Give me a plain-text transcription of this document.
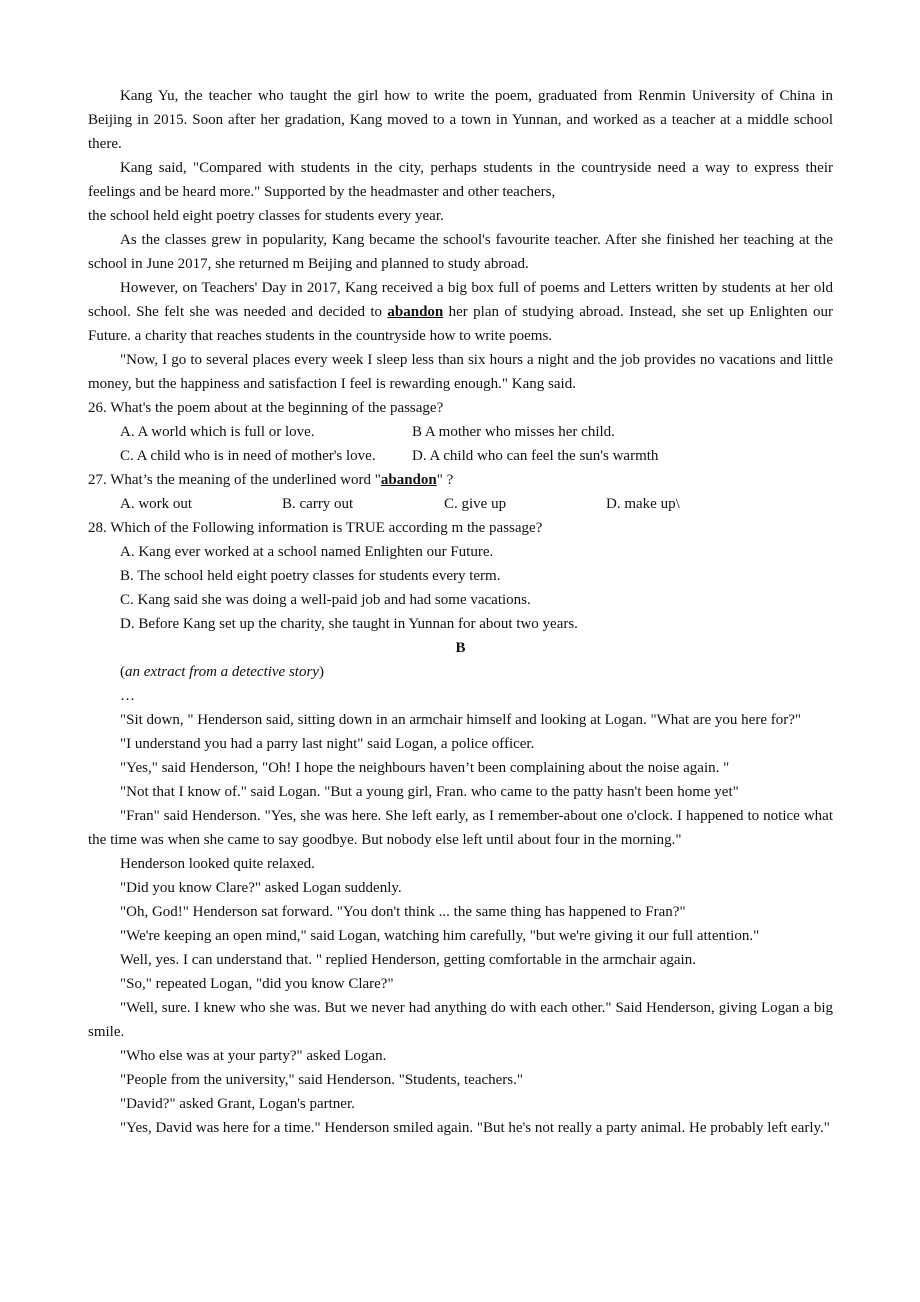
Kang Yu, the teacher who taught the girl how to write the poem, graduated from Renmin University of China in Beijing in 2015. Soon after her gradation, Kang moved to a town in Yunnan, and worked as a teacher at a middle school there.

Kang said, "Compared with students in the city, perhaps students in the countryside need a way to express their feelings and be heard more." Supported by the headmaster and other teachers,

the school held eight poetry classes for students every year.

As the classes grew in popularity, Kang became the school's favourite teacher. After she finished her teaching at the school in June 2017, she returned m Beijing and planned to study abroad.

However, on Teachers' Day in 2017, Kang received a big box full of poems and Letters written by students at her old school. She felt she was needed and decided to abandon her plan of studying abroad. Instead, she set up Enlighten our Future. a charity that reaches students in the countryside how to write poems.

"Now, I go to several places every week I sleep less than six hours a night and the job provides no vacations and little money, but the happiness and satisfaction I feel is rewarding enough." Kang said.

26. What's the poem about at the beginning of the passage?

A. A world which is full or love.	B A mother who misses her child.
C. A child who is in need of mother's love.	D. A child who can feel the sun's warmth

27. What’s the meaning of the underlined word "abandon" ?

A. work out	B. carry out	C. give up	D. make up\

28. Which of the Following information is TRUE according m the passage?

A. Kang ever worked at a school named Enlighten our Future.

B. The school held eight poetry classes for students every term.

C. Kang said she was doing a well-paid job and had some vacations.

D. Before Kang set up the charity, she taught in Yunnan for about two years.

B

(an extract from a detective story)

…

"Sit down, " Henderson said, sitting down in an armchair himself and looking at Logan. "What are you here for?"

"I understand you had a parry last night" said Logan, a police officer.

"Yes," said Henderson, "Oh! I hope the neighbours haven’t been complaining about the noise again. "

"Not that I know of." said Logan. "But a young girl, Fran. who came to the patty hasn't been home yet"

"Fran" said Henderson. "Yes, she was here. She left early, as I remember-about one o'clock. I happened to notice what the time was when she came to say goodbye. But nobody else left until about four in the morning."

Henderson looked quite relaxed.

"Did you know Clare?" asked Logan suddenly.

"Oh, God!" Henderson sat forward. "You don't think ... the same thing has happened to Fran?"

"We're keeping an open mind," said Logan, watching him carefully, "but we're giving it our full attention."

Well, yes. I can understand that. " replied Henderson, getting comfortable in the armchair again.

"So," repeated Logan, "did you know Clare?"

"Well, sure. I knew who she was. But we never had anything do with each other." Said Henderson, giving Logan a big smile.

"Who else was at your party?" asked Logan.

"People from the university," said Henderson. "Students, teachers."

"David?" asked Grant, Logan's partner.

"Yes, David was here for a time." Henderson smiled again. "But he's not really a party animal. He probably left early."
